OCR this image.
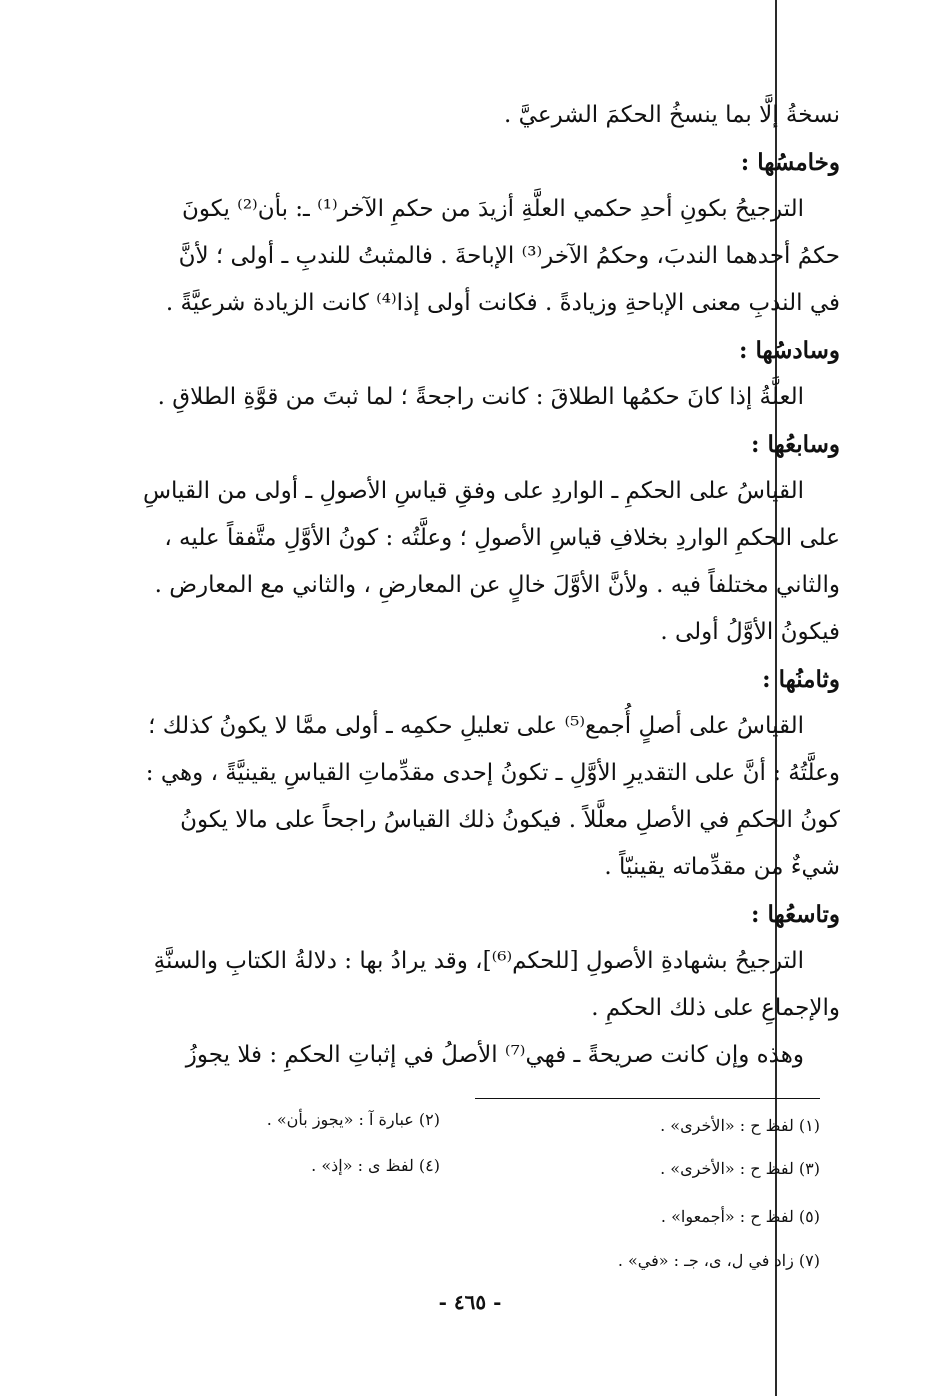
نسخةُ إلَّا بما ينسخُ الحكمَ الشرعيَّ .
وخامسُها :
الترجيحُ بكونِ أحدِ حكمي العلَّةِ أزيدَ من حكمِ الآخر⁽¹⁾ ـ: بأن⁽²⁾ يكونَ
حكمُ أحدهما الندبَ، وحكمُ الآخر⁽³⁾ الإباحةَ . فالمثبتُ للندبِ ـ أولى ؛ لأنَّ
في الندبِ معنى الإباحةِ وزيادةً . فكانت أولى إذا⁽⁴⁾ كانت الزيادة شرعيَّةً .
وسادسُها :
العلَّةُ إذا كانَ حكمُها الطلاقَ : كانت راجحةً ؛ لما ثبتَ من قوَّةِ الطلاقِ .
وسابعُها :
القياسُ على الحكمِ ـ الواردِ على وفقِ قياسِ الأصولِ ـ أولى من القياسِ
على الحكمِ الواردِ بخلافِ قياسِ الأصولِ ؛ وعلَّتُه : كونُ الأوَّلِ متَّفقاً عليه ،
والثاني مختلفاً فيه . ولأنَّ الأوَّلَ خالٍ عن المعارضِ ، والثاني مع المعارض .
فيكونُ الأوَّلُ أولى .
وثامنُها :
القياسُ على أصلٍ أُجمع⁽⁵⁾ على تعليلِ حكمِه ـ أولى ممَّا لا يكونُ كذلك ؛
وعلَّتُهُ : أنَّ على التقديرِ الأوَّلِ ـ تكونُ إحدى مقدِّماتِ القياسِ يقينيَّةً ، وهي :
كونُ الحكمِ في الأصلِ معلَّلاً . فيكونُ ذلك القياسُ راجحاً على مالا يكونُ
شيءٌ من مقدِّماته يقينيّاً .
وتاسعُها :
الترجيحُ بشهادةِ الأصولِ [للحكم⁽⁶⁾]، وقد يرادُ بها : دلالةُ الكتابِ والسنَّةِ
والإجماعِ على ذلك الحكمِ .
وهذه وإن كانت صريحةً ـ فهي⁽⁷⁾ الأصلُ في إثباتِ الحكمِ : فلا يجوزُ
(١) لفظ ح : «الأخرى» .
(٢) عبارة آ : «يجوز بأن» .
(٣) لفظ ح : «الأخرى» .
(٤) لفظ ى : «إذ» .
(٥) لفظ ح : «أجمعوا» .
(٧) زاد في ل، ى، جـ : «في» .
- ٤٦٥ -
